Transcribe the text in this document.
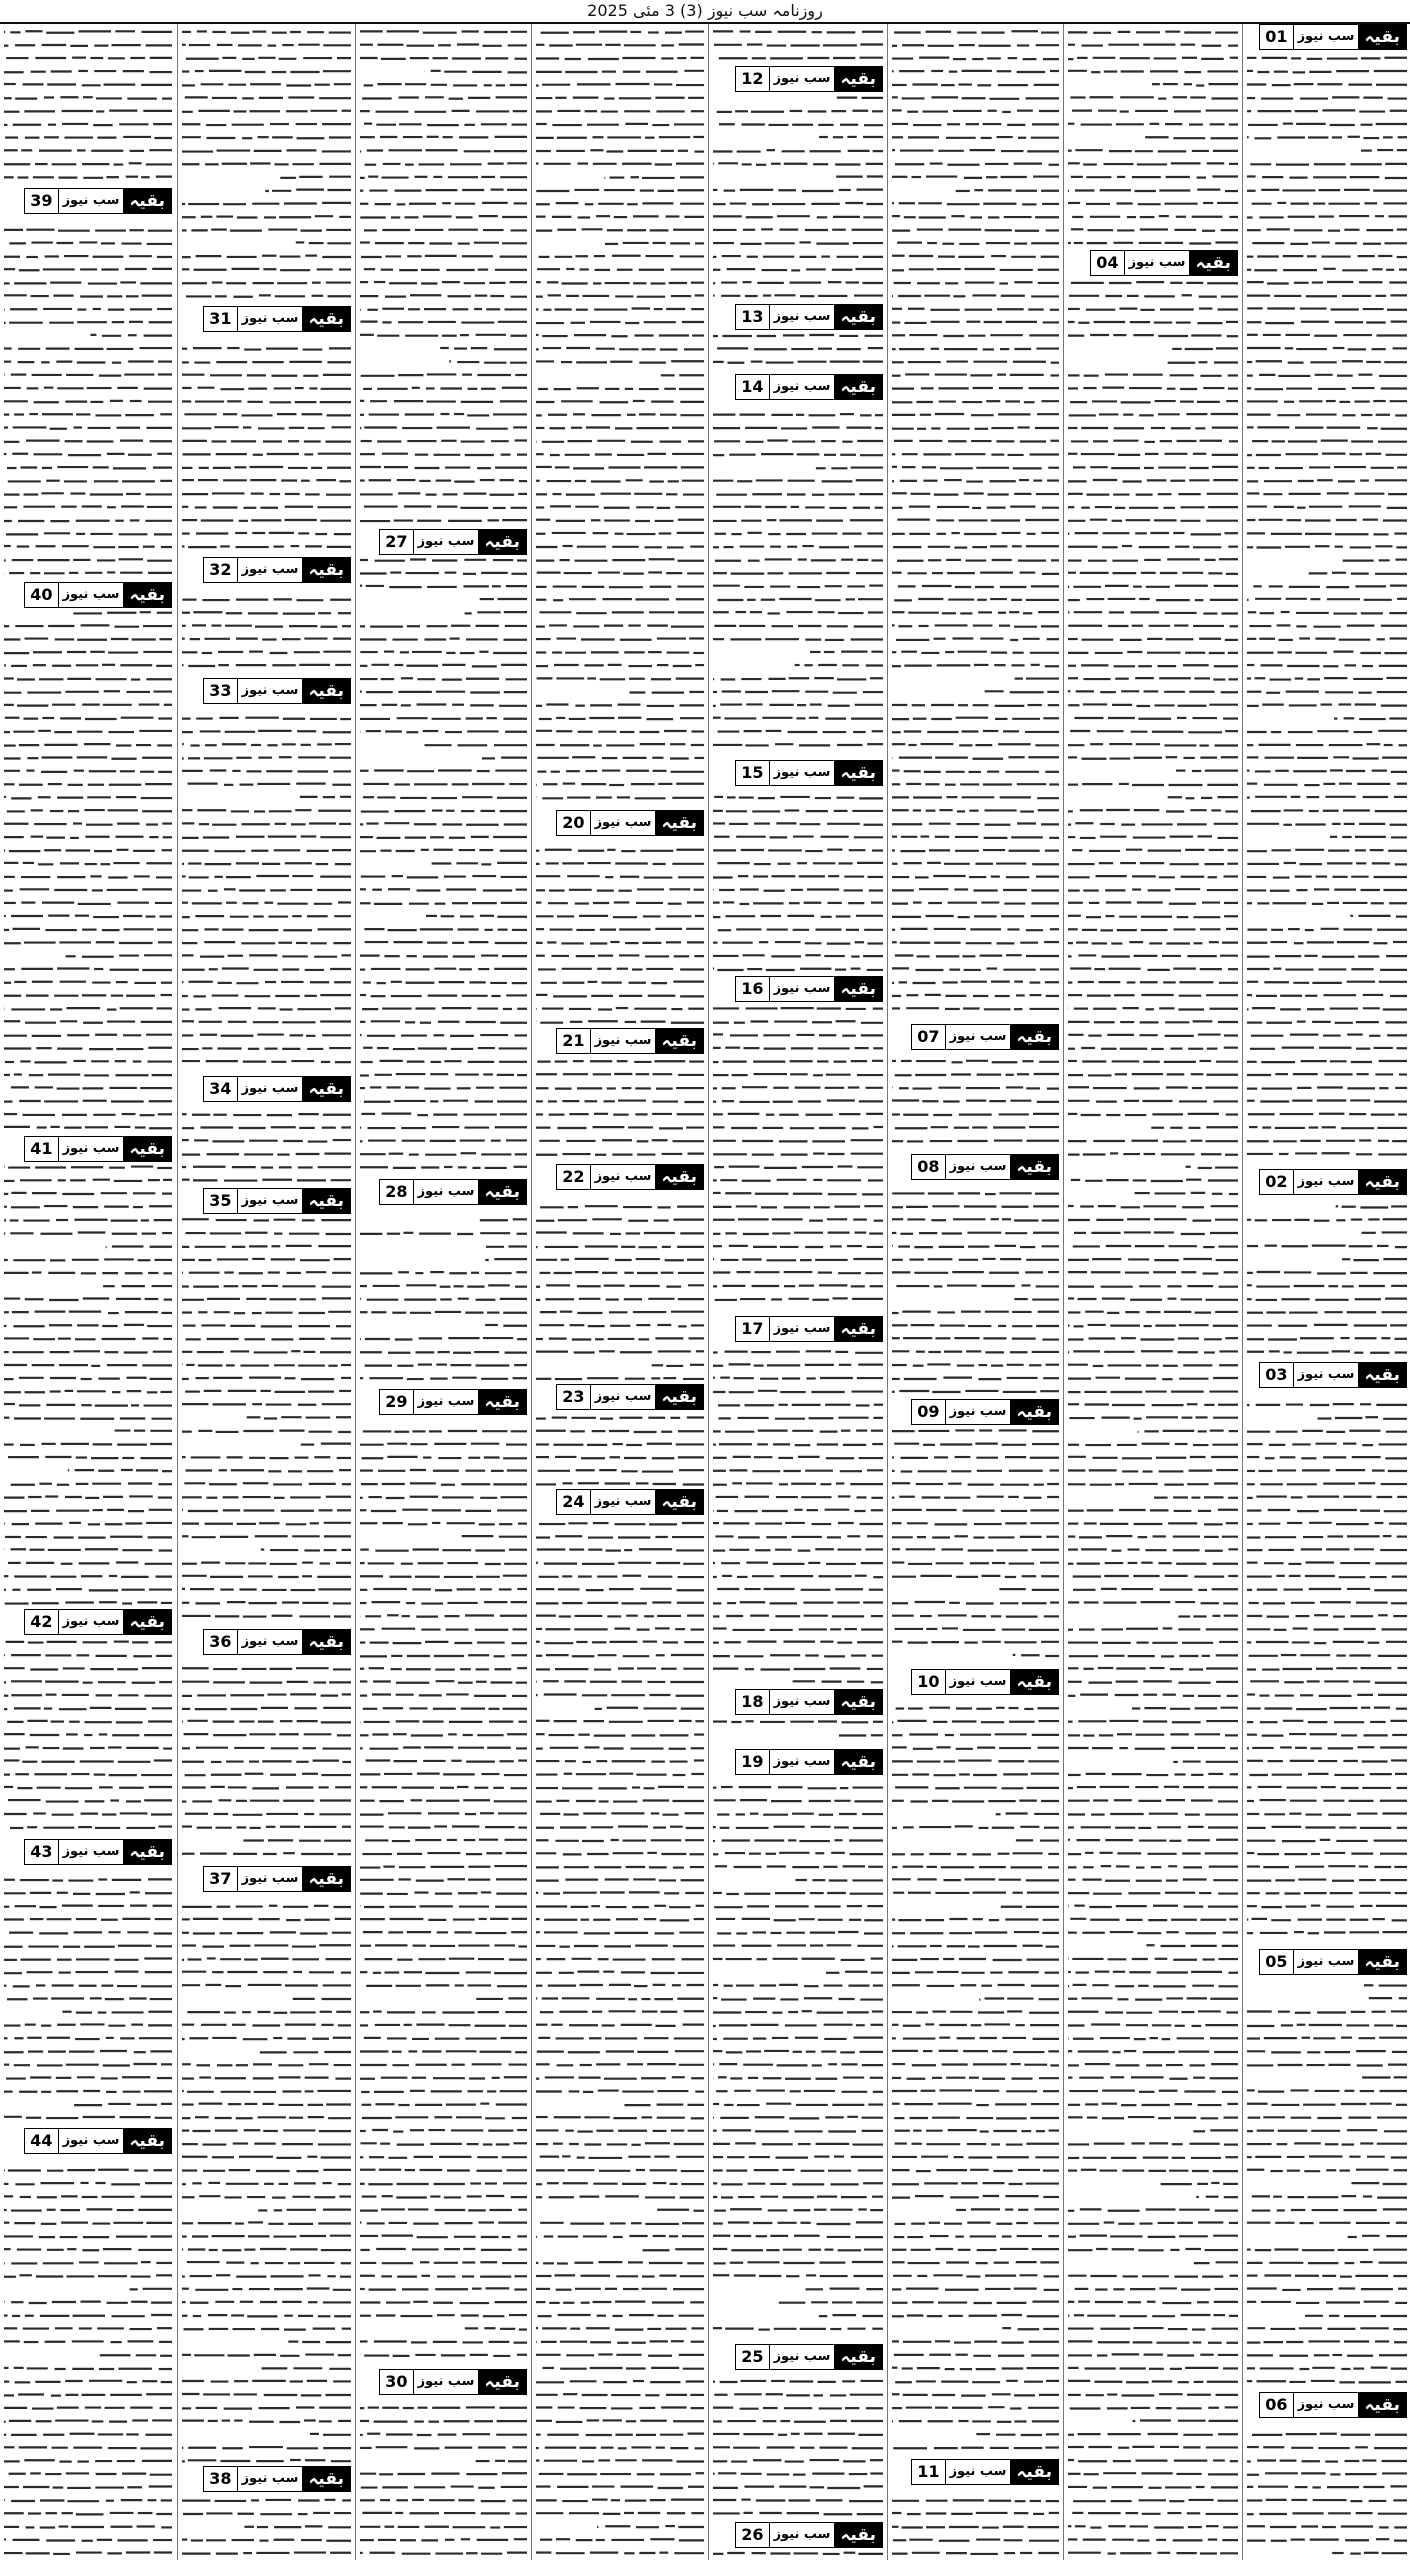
روزنامہ سب نیوز (3) 3 مئی 2025
بقیہ
سب نیوز
01
بقیہ
سب نیوز
02
بقیہ
سب نیوز
03
بقیہ
سب نیوز
05
بقیہ
سب نیوز
06
بقیہ
سب نیوز
04
بقیہ
سب نیوز
07
بقیہ
سب نیوز
08
بقیہ
سب نیوز
09
بقیہ
سب نیوز
10
بقیہ
سب نیوز
11
بقیہ
سب نیوز
12
بقیہ
سب نیوز
13
بقیہ
سب نیوز
14
بقیہ
سب نیوز
15
بقیہ
سب نیوز
16
بقیہ
سب نیوز
17
بقیہ
سب نیوز
18
بقیہ
سب نیوز
19
بقیہ
سب نیوز
25
بقیہ
سب نیوز
26
بقیہ
سب نیوز
20
بقیہ
سب نیوز
21
بقیہ
سب نیوز
22
بقیہ
سب نیوز
23
بقیہ
سب نیوز
24
بقیہ
سب نیوز
27
بقیہ
سب نیوز
28
بقیہ
سب نیوز
29
بقیہ
سب نیوز
30
بقیہ
سب نیوز
31
بقیہ
سب نیوز
32
بقیہ
سب نیوز
33
بقیہ
سب نیوز
34
بقیہ
سب نیوز
35
بقیہ
سب نیوز
36
بقیہ
سب نیوز
37
بقیہ
سب نیوز
38
بقیہ
سب نیوز
39
بقیہ
سب نیوز
40
بقیہ
سب نیوز
41
بقیہ
سب نیوز
42
بقیہ
سب نیوز
43
بقیہ
سب نیوز
44
